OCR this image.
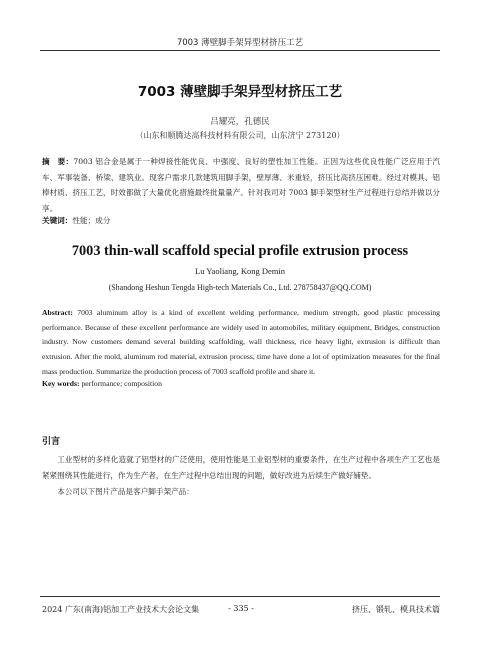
7003 薄壁脚手架异型材挤压工艺
7003 薄壁脚手架异型材挤压工艺
吕耀亮，孔德民
（山东和顺腾达高科技材料有限公司，山东济宁 273120）
摘　要：7003 铝合金是属于一种焊接性能优良、中强度、良好的塑性加工性能。正因为这些优良性能广泛应用于汽车、军事装备、桥梁、建筑业。现客户需求几款建筑用脚手架，壁厚薄、米重轻，挤压比高挤压困难。经过对模具、铝棒材质、挤压工艺，时效都做了大量优化措施最终批量量产。针对我司对 7003 脚手架型材生产过程进行总结并做以分享。
关键词：性能；成分
7003 thin-wall scaffold special profile extrusion process
Lu Yaoliang, Kong Demin
(Shandong Heshun Tengda High-tech Materials Co., Ltd. 278758437@QQ.COM)
Abstract: 7003 aluminum alloy is a kind of excellent welding performance, medium strength, good plastic processing performance. Because of these excellent performance are widely used in automobiles, military equipment, Bridges, construction industry. Now customers demand several building scaffolding, wall thickness, rice heavy light, extrusion is difficult than extrusion. After the mold, aluminum rod material, extrusion process, time have done a lot of optimization measures for the final mass production. Summarize the production process of 7003 scaffold profile and share it.
Key words: performance; composition
引言

工业型材的多样化造就了铝型材的广泛使用，使用性能是工业铝型材的重要条件，在生产过程中各项生产工艺也是紧紧围绕其性能进行，作为生产者，在生产过程中总结出现的问题，做好改进为后续生产做好铺垫。

本公司以下图片产品是客户脚手架产品：

2024 广东(南海)铝加工产业技术大会论文集	- 335 -	挤压、锻轧、模具技术篇
